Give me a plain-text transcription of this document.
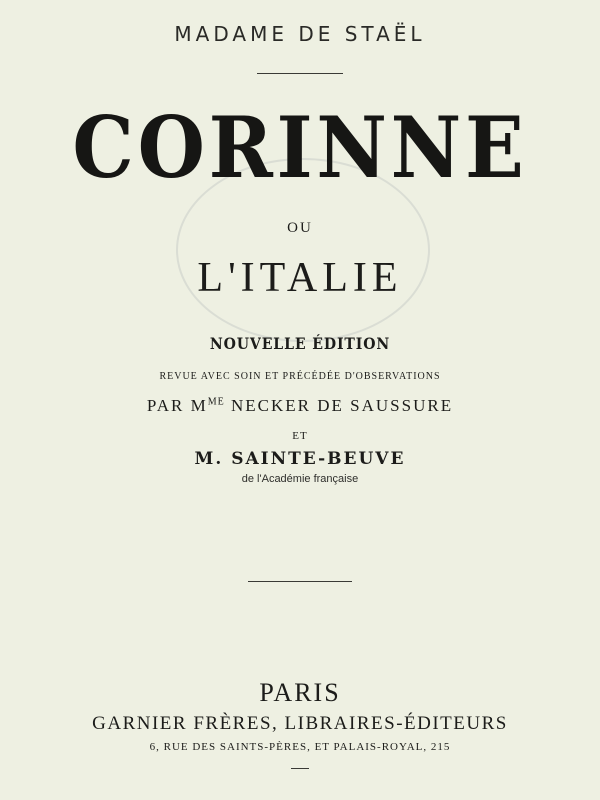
MADAME DE STAËL
CORINNE
OU
L'ITALIE
NOUVELLE ÉDITION
REVUE AVEC SOIN ET PRÉCÉDÉE D'OBSERVATIONS
PAR $M^{ME}$ NECKER DE SAUSSURE
ET
M. SAINTE-BEUVE
de l'Académie française
PARIS
GARNIER FRÈRES, LIBRAIRES-ÉDITEURS
6, RUE DES SAINTS-PÈRES, ET PALAIS-ROYAL, 215
